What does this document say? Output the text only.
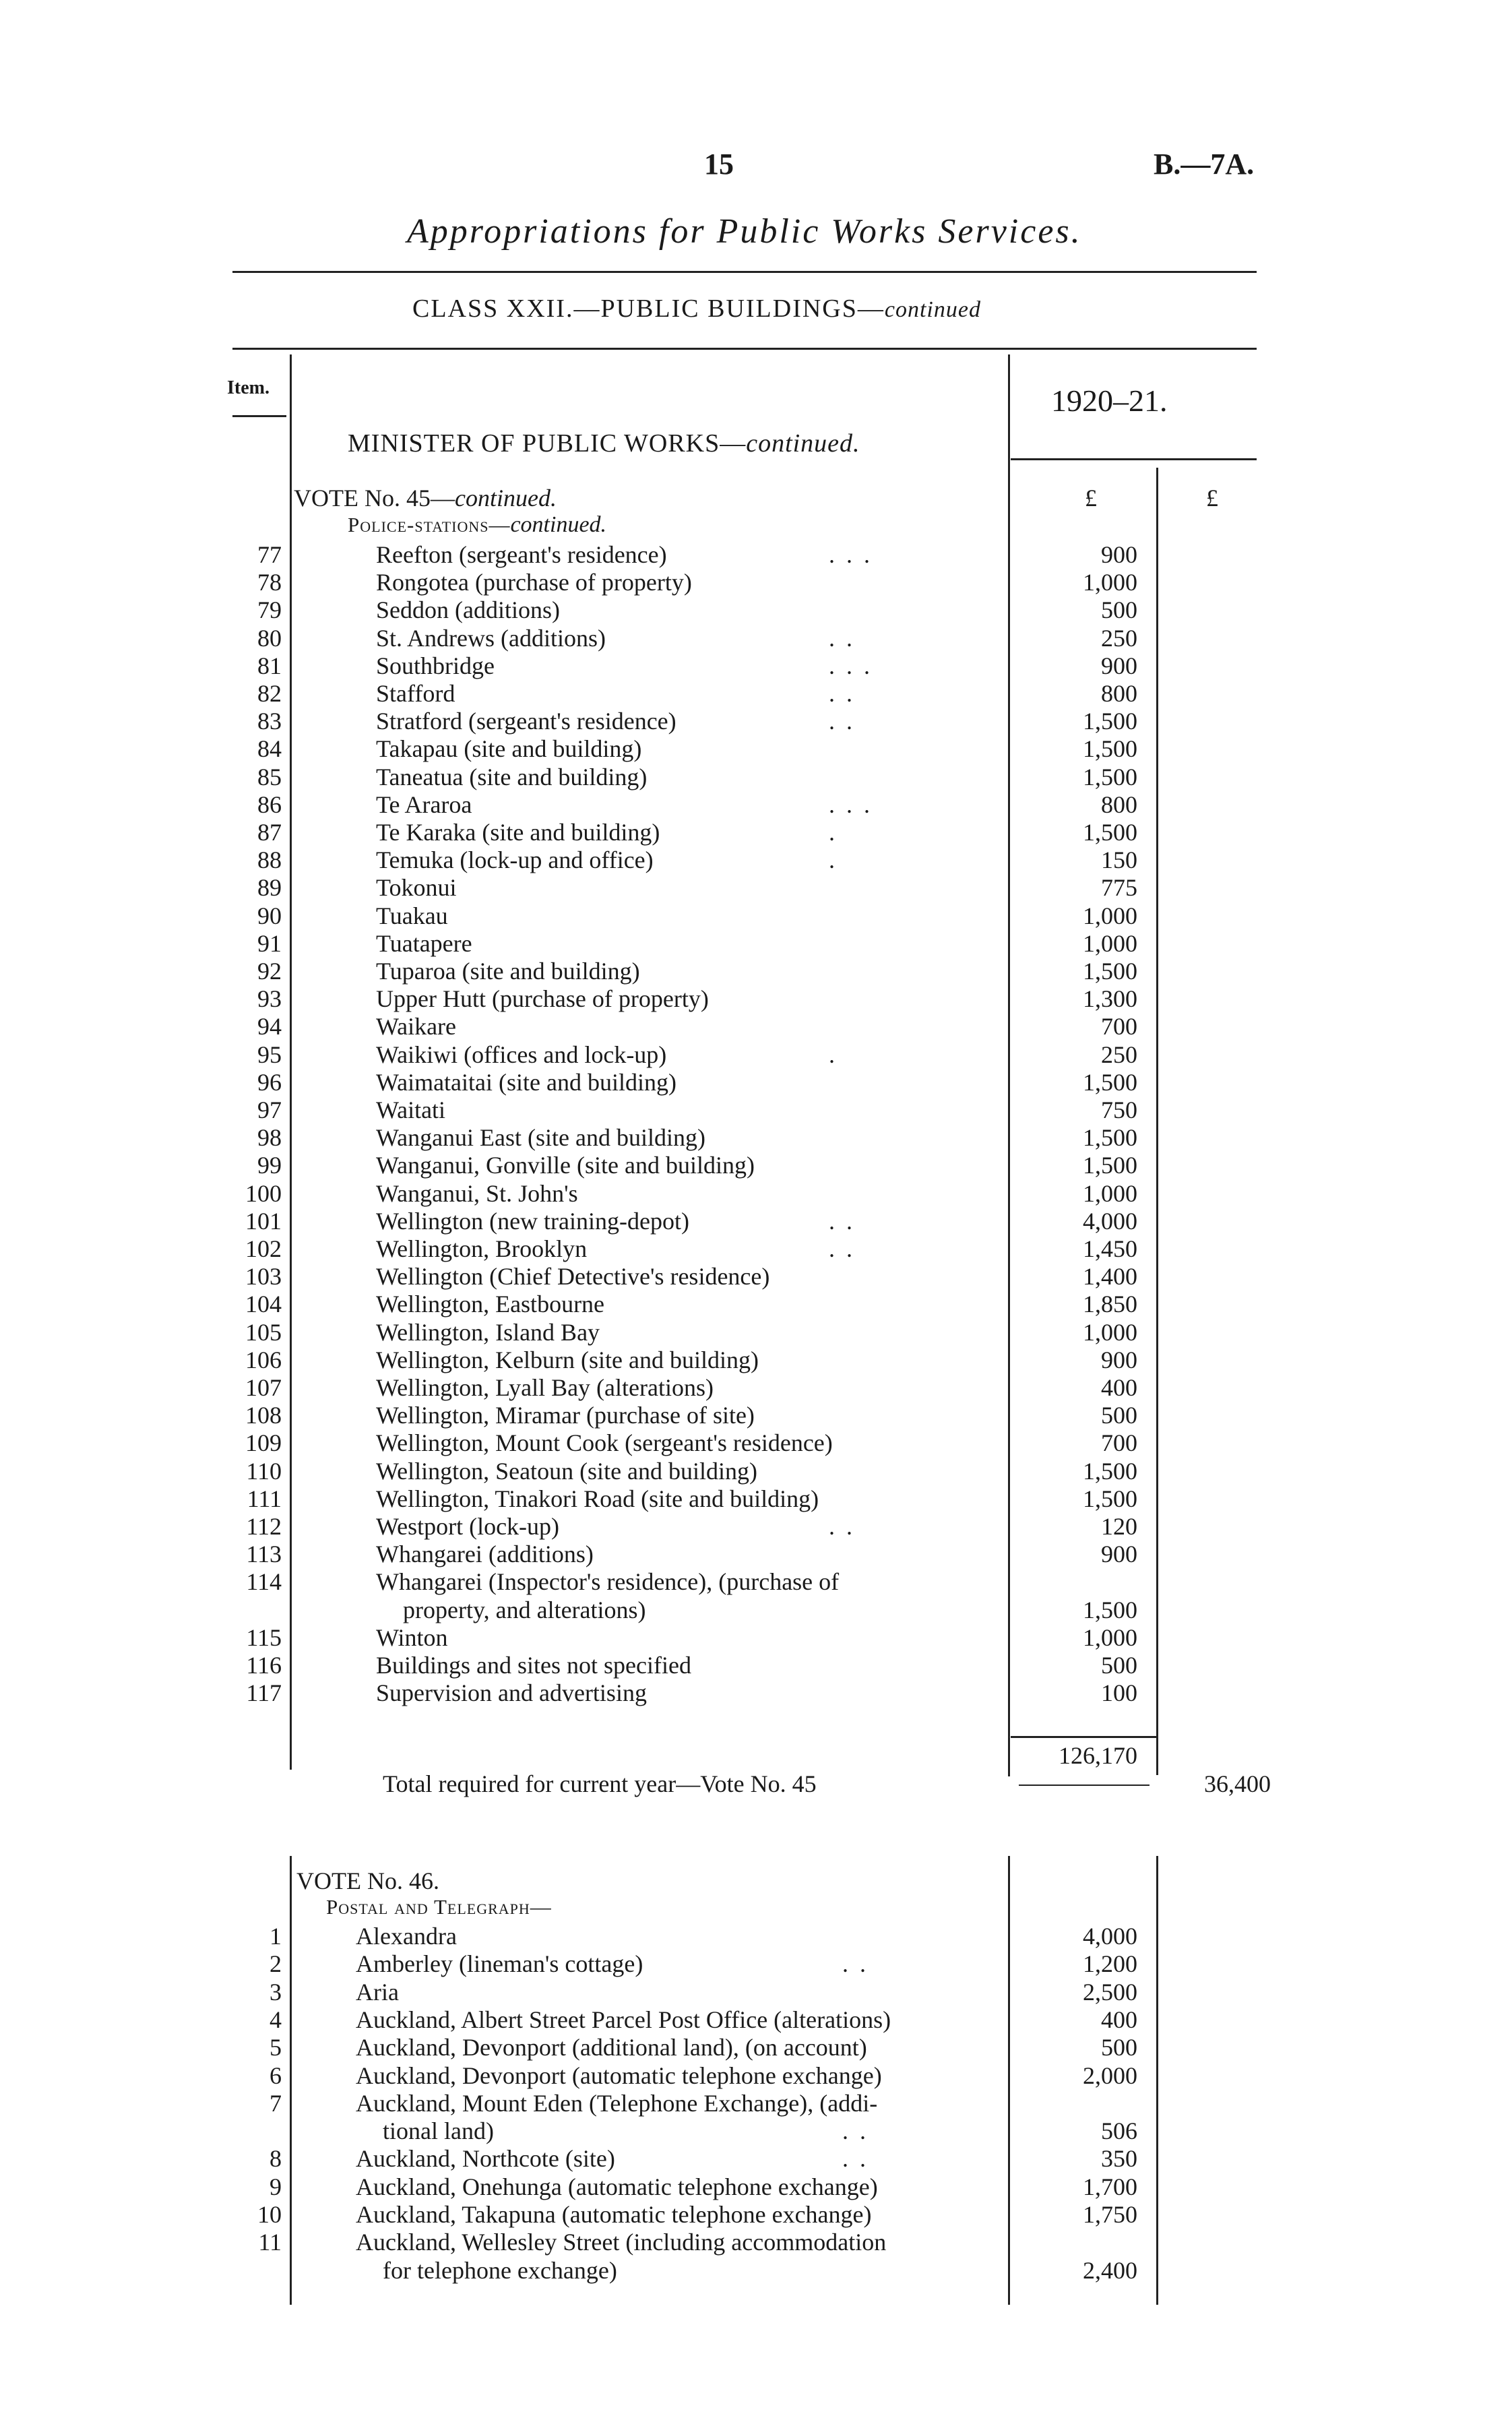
15	B.—7A.
Appropriations for Public Works Services.
CLASS XXII.—PUBLIC BUILDINGS—continued
Item.	1920–21.
MINISTER OF PUBLIC WORKS—continued.
£	£
VOTE No. 45—continued.
Police-stations—continued.
77	Reefton (sergeant's residence)	. . .	900
78	Rongotea (purchase of property)	1,000
79	Seddon (additions)	500
80	St. Andrews (additions)	. .	250
81	Southbridge	. . .	900
82	Stafford	. .	800
83	Stratford (sergeant's residence)	. .	1,500
84	Takapau (site and building)	1,500
85	Taneatua (site and building)	1,500
86	Te Araroa	. . .	800
87	Te Karaka (site and building)	.	1,500
88	Temuka (lock-up and office)	.	150
89	Tokonui	775
90	Tuakau	1,000
91	Tuatapere	1,000
92	Tuparoa (site and building)	1,500
93	Upper Hutt (purchase of property)	1,300
94	Waikare	700
95	Waikiwi (offices and lock-up)	.	250
96	Waimataitai (site and building)	1,500
97	Waitati	750
98	Wanganui East (site and building)	1,500
99	Wanganui, Gonville (site and building)	1,500
100	Wanganui, St. John's	1,000
101	Wellington (new training-depot)	. .	4,000
102	Wellington, Brooklyn	. .	1,450
103	Wellington (Chief Detective's residence)	1,400
104	Wellington, Eastbourne	1,850
105	Wellington, Island Bay	1,000
106	Wellington, Kelburn (site and building)	900
107	Wellington, Lyall Bay (alterations)	400
108	Wellington, Miramar (purchase of site)	500
109	Wellington, Mount Cook (sergeant's residence)	700
110	Wellington, Seatoun (site and building)	1,500
111	Wellington, Tinakori Road (site and building)	1,500
112	Westport (lock-up)	. .	120
113	Whangarei (additions)	900
114	Whangarei (Inspector's residence), (purchase of
property, and alterations)	1,500
115	Winton	1,000
116	Buildings and sites not specified	500
117	Supervision and advertising	100
126,170
Total required for current year—Vote No. 45	36,400
VOTE No. 46.
Postal and Telegraph—
1	Alexandra	4,000
2	Amberley (lineman's cottage)	. .	1,200
3	Aria	2,500
4	Auckland, Albert Street Parcel Post Office (alterations)	400
5	Auckland, Devonport (additional land), (on account)	500
6	Auckland, Devonport (automatic telephone exchange)	2,000
7	Auckland, Mount Eden (Telephone Exchange), (addi-
tional land)	. .	506
8	Auckland, Northcote (site)	. .	350
9	Auckland, Onehunga (automatic telephone exchange)	1,700
10	Auckland, Takapuna (automatic telephone exchange)	1,750
11	Auckland, Wellesley Street (including accommodation
for telephone exchange)	2,400
